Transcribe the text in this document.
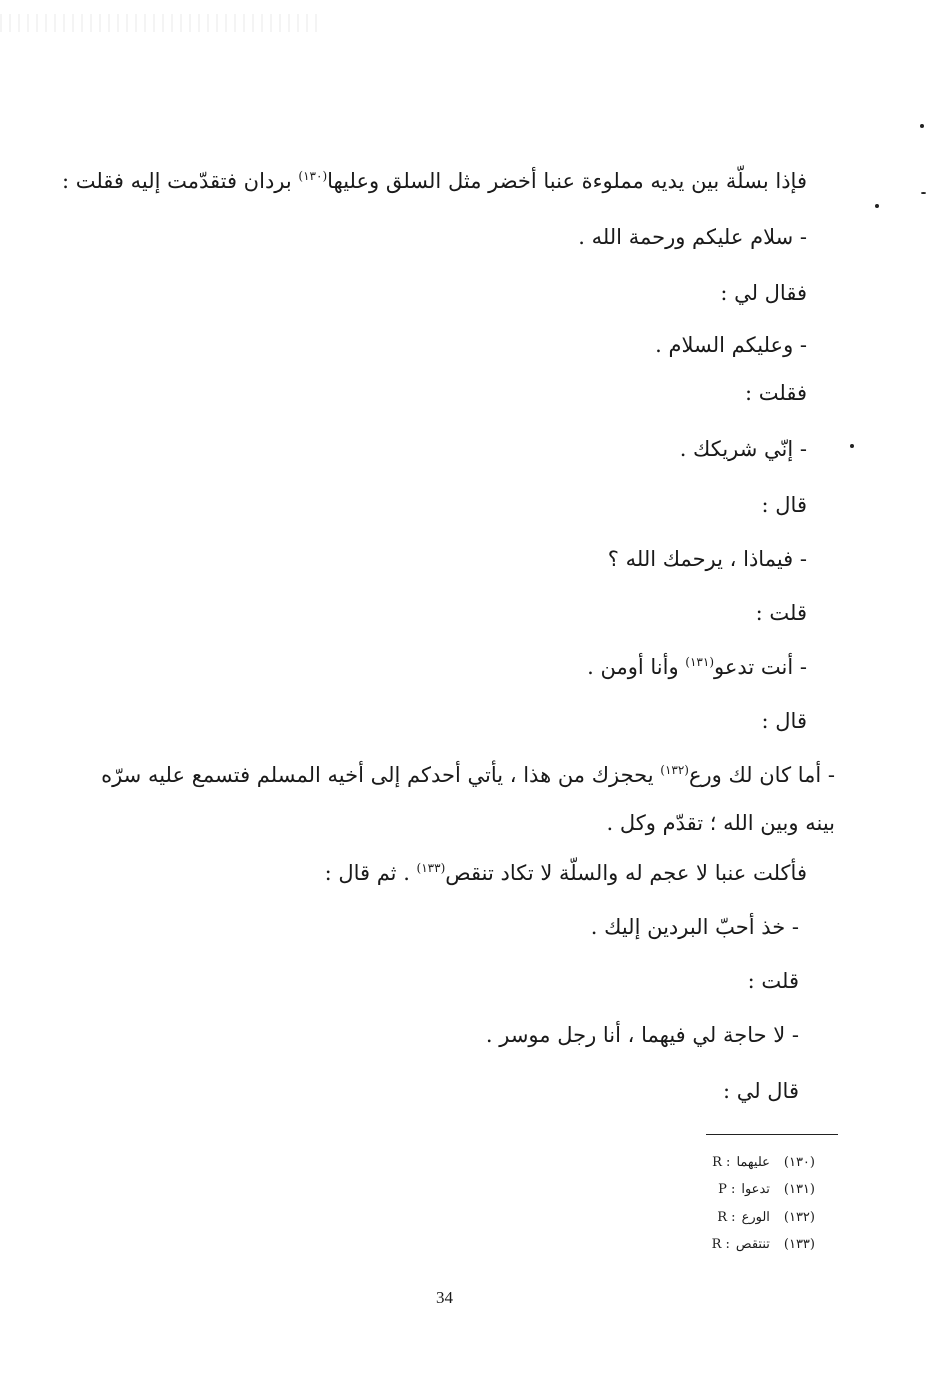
فإذا بسلّة بين يديه مملوءة عنبا أخضر مثل السلق وعليها$^{(١٣٠)}$ بردان فتقدّمت إليه فقلت :
- سلام عليكم ورحمة الله .
فقال لي :
- وعليكم السلام .
فقلت :
- إنّي شريكك .
قال :
- فيماذا ، يرحمك الله ؟
قلت :
- أنت تدعو$^{(١٣١)}$ وأنا أومن .
قال :
- أما كان لك ورع$^{(١٣٢)}$ يحجزك من هذا ، يأتي أحدكم إلى أخيه المسلم فتسمع عليه سرّه
بينه وبين الله ؛ تقدّم وكل .
فأكلت عنبا لا عجم له والسلّة لا تكاد تنقص$^{(١٣٣)}$ . ثم قال :
- خذ أحبّ البردين إليك .
قلت :
- لا حاجة لي فيهما ، أنا رجل موسر .
قال لي :
(١٣٠)عليهماR :
(١٣١)تدعواP :
(١٣٢)الورعR :
(١٣٣)تنتقصR :
34
